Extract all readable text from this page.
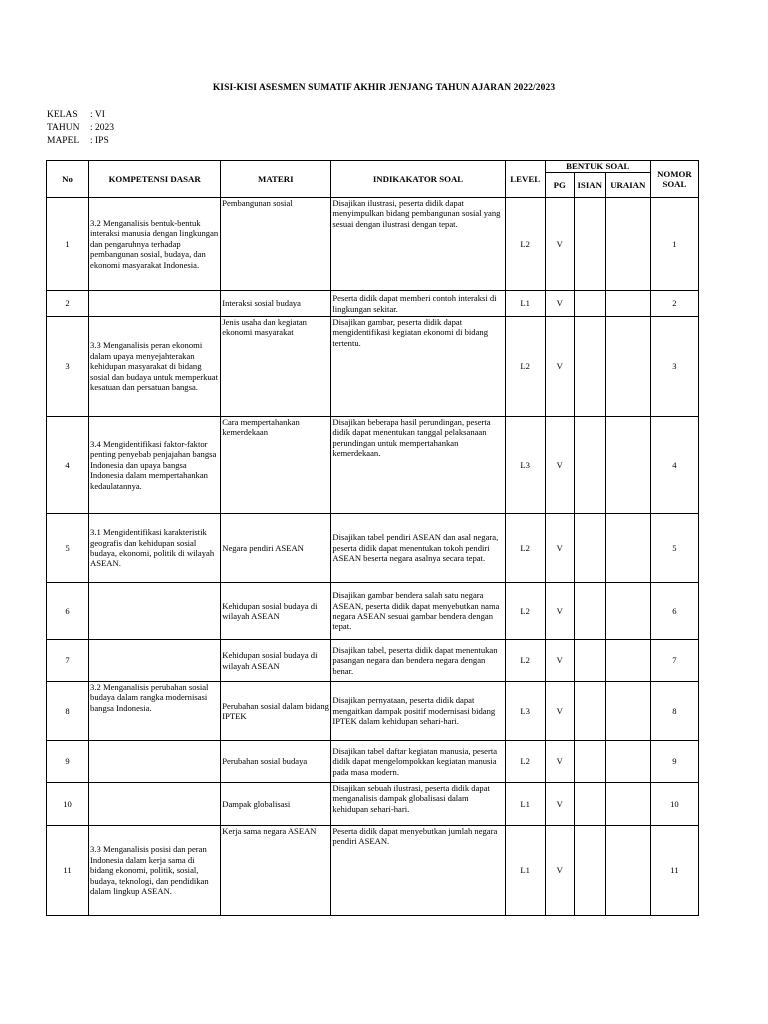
KISI-KISI ASESMEN SUMATIF AKHIR JENJANG TAHUN AJARAN 2022/2023
KELAS	: VI
TAHUN	: 2023
MAPEL	: IPS
No	KOMPETENSI DASAR	MATERI	INDIKAKATOR SOAL	LEVEL	BENTUK SOAL			NOMOR SOAL
					PG	ISIAN	URAIAN	
1	3.2 Menganalisis bentuk-bentuk interaksi manusia dengan lingkungan dan pengaruhnya terhadap pembangunan sosial, budaya, dan ekonomi masyarakat Indonesia.	Pembangunan sosial	Disajikan ilustrasi, peserta didik dapat menyimpulkan bidang pembangunan sosial yang sesuai dengan ilustrasi dengan tepat.	L2	V			1
2		Interaksi sosial budaya	Peserta didik dapat memberi contoh interaksi di lingkungan sekitar.	L1	V			2
3	3.3 Menganalisis peran ekonomi dalam upaya menyejahterakan kehidupan masyarakat di bidang sosial dan budaya untuk memperkuat kesatuan dan persatuan bangsa.	Jenis usaha dan kegiatan ekonomi masyarakat	Disajikan gambar, peserta didik dapat mengidentifikasi kegiatan ekonomi di bidang tertentu.	L2	V			3
4	3.4 Mengidentifikasi faktor-faktor penting penyebab penjajahan bangsa Indonesia dan upaya bangsa Indonesia dalam mempertahankan kedaulatannya.	Cara mempertahankan kemerdekaan	Disajikan beberapa hasil perundingan, peserta didik dapat menentukan tanggal pelaksanaan perundingan untuk mempertahankan kemerdekaan.	L3	V			4
5	3.1 Mengidentifikasi karakteristik geografis dan kehidupan sosial budaya, ekonomi, politik di wilayah ASEAN.	Negara pendiri ASEAN	Disajikan tabel pendiri ASEAN dan asal negara, peserta didik dapat menentukan tokoh pendiri ASEAN beserta negara asalnya secara tepat.	L2	V			5
6		Kehidupan sosial budaya di wilayah ASEAN	Disajikan gambar bendera salah satu negara ASEAN, peserta didik dapat menyebutkan nama negara ASEAN sesuai gambar bendera dengan tepat.	L2	V			6
7		Kehidupan sosial budaya di wilayah ASEAN	Disajikan tabel, peserta didik dapat menentukan pasangan negara dan bendera negara dengan benar.	L2	V			7
8	3.2 Menganalisis perubahan sosial budaya dalam rangka modernisasi bangsa Indonesia.	Perubahan sosial dalam bidang IPTEK	Disajikan pernyataan, peserta didik dapat mengaitkan dampak positif modernisasi bidang IPTEK dalam kehidupan sehari-hari.	L3	V			8
9		Perubahan sosial budaya	Disajikan tabel daftar kegiatan manusia, peserta didik dapat mengelompokkan kegiatan manusia pada masa modern.	L2	V			9
10		Dampak globalisasi	Disajikan sebuah ilustrasi, peserta didik dapat menganalisis dampak globalisasi dalam kehidupan sehari-hari.	L1	V			10
11	3.3 Menganalisis posisi dan peran Indonesia dalam kerja sama di bidang ekonomi, politik, sosial, budaya, teknologi, dan pendidikan dalam lingkup ASEAN.	Kerja sama negara ASEAN	Peserta didik dapat menyebutkan jumlah negara pendiri ASEAN.	L1	V			11
